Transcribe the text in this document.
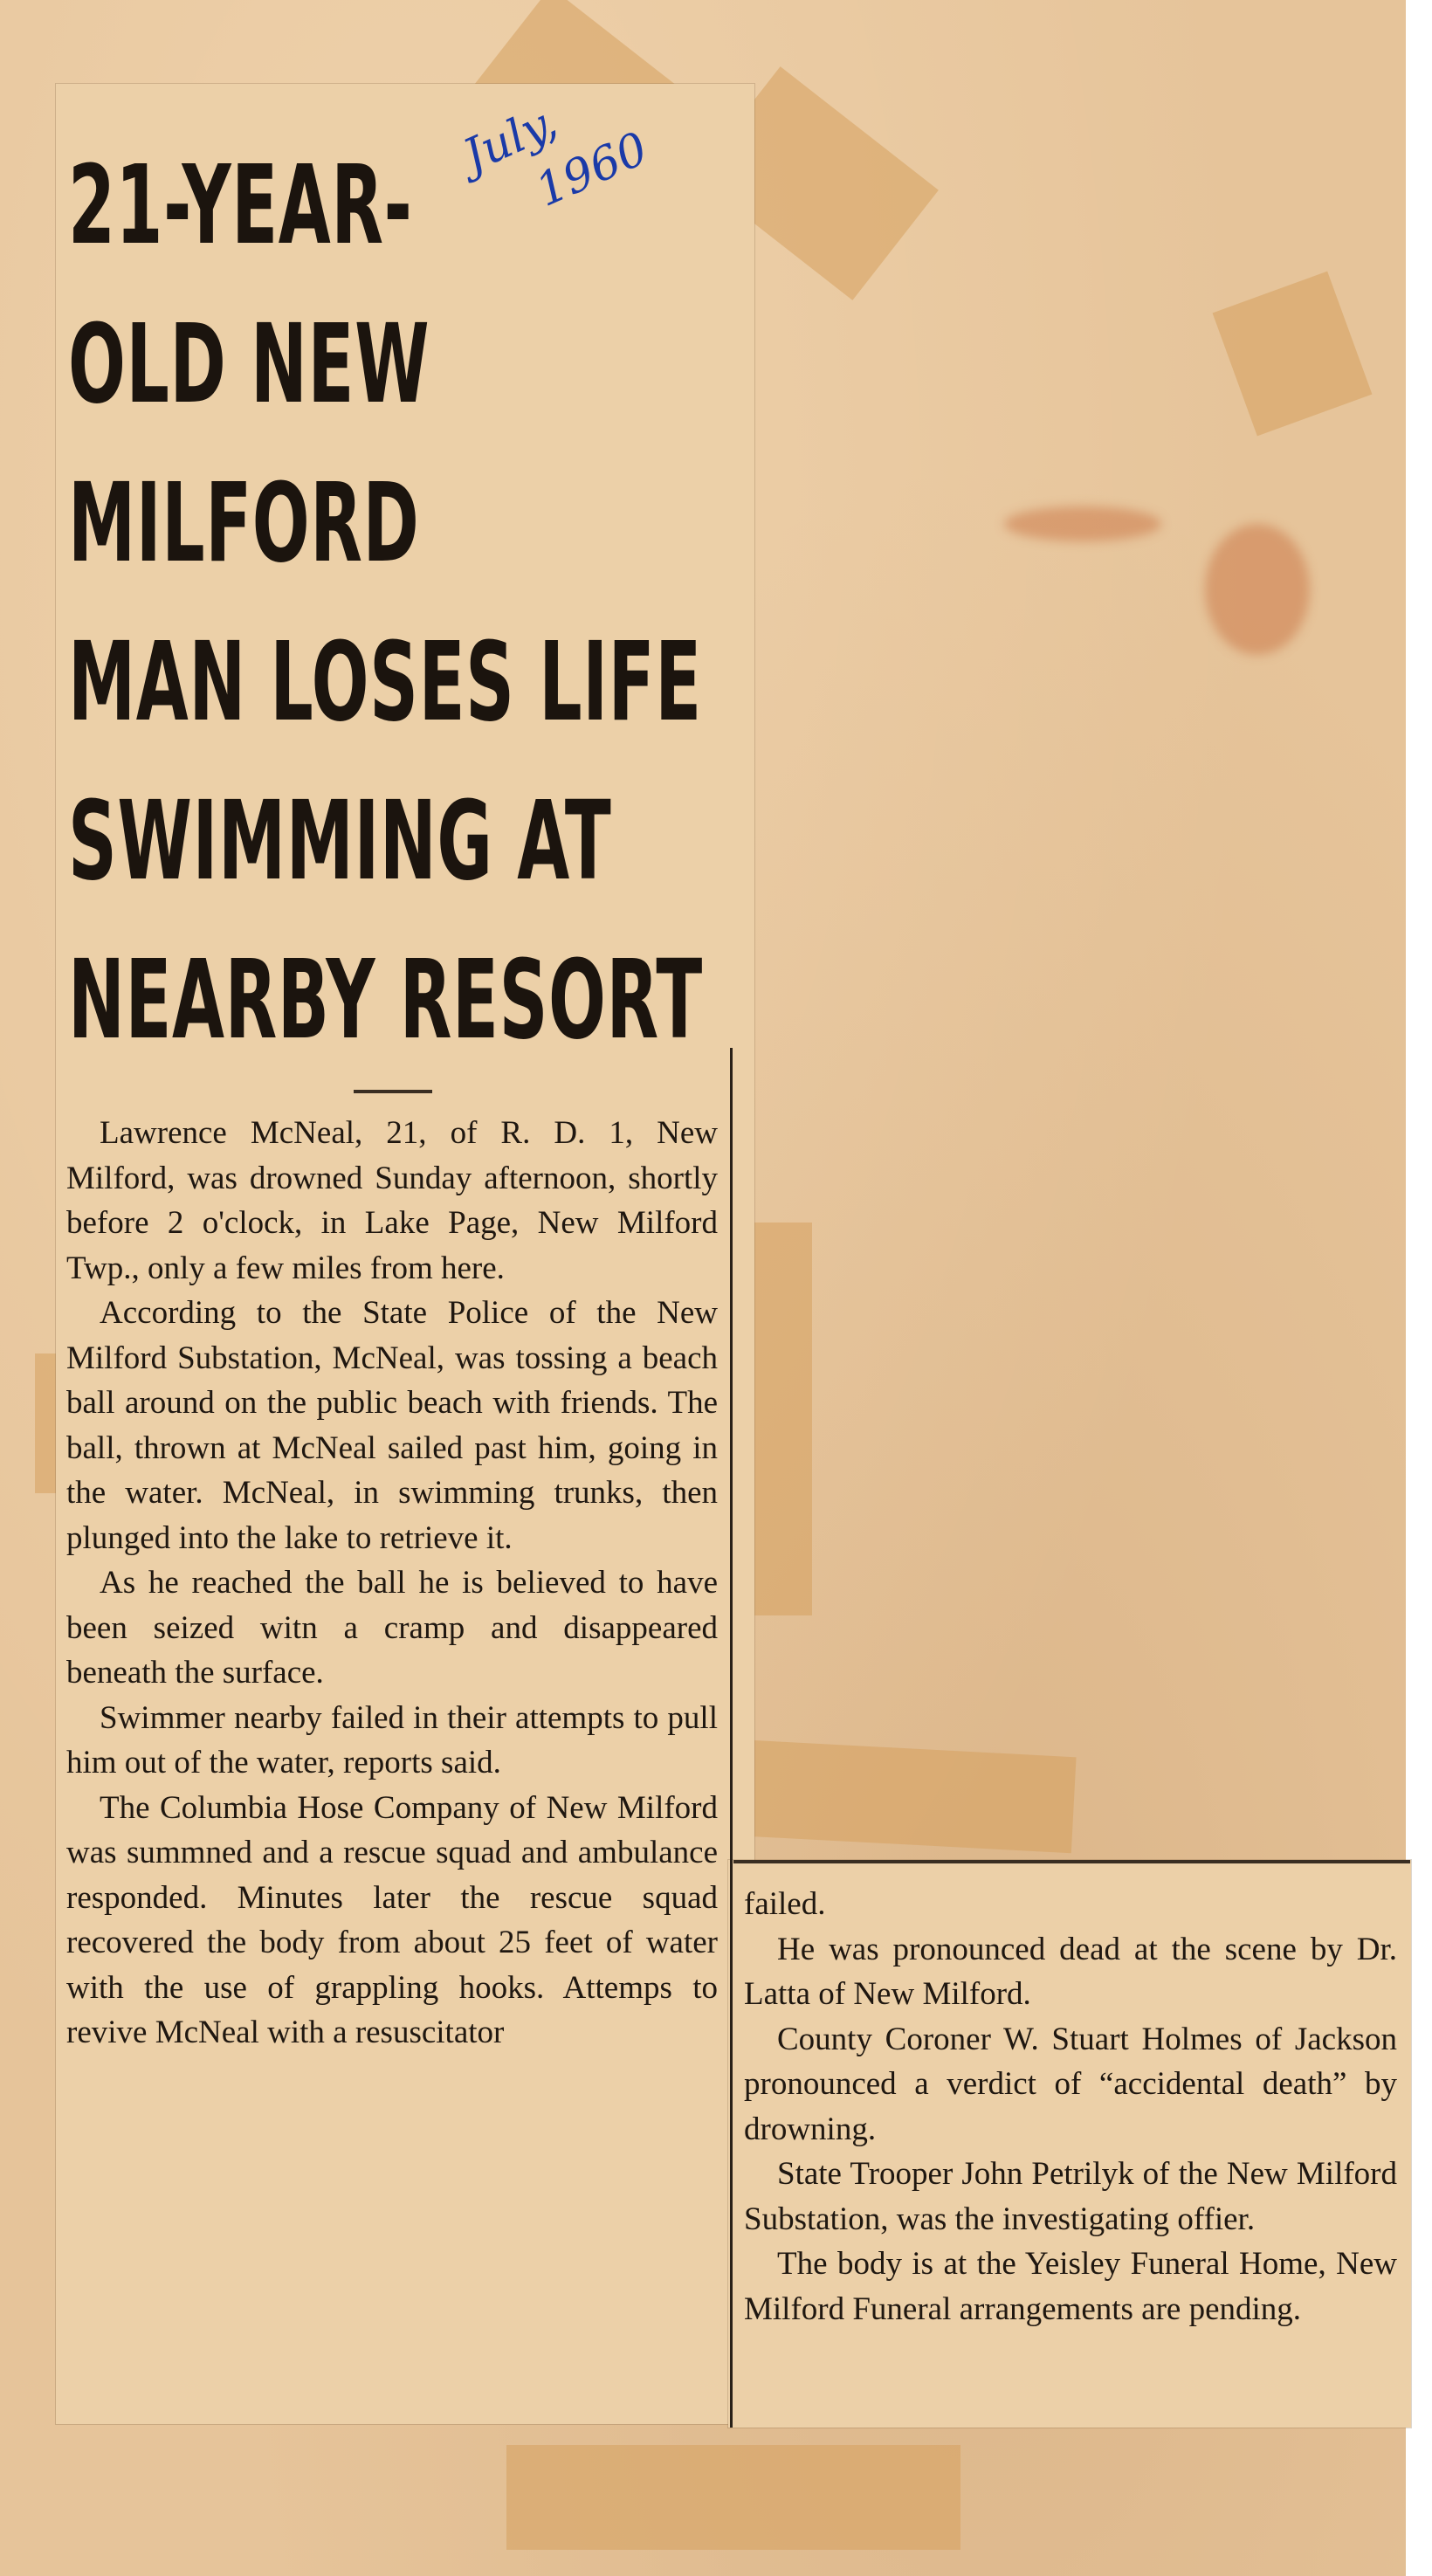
21-YEAR-
OLD NEW
MILFORD
MAN LOSES LIFE
SWIMMING AT
NEARBY RESORT
July,
1960

Lawrence McNeal, 21, of R. D. 1, New Milford, was drowned Sunday afternoon, shortly before 2 o'clock, in Lake Page, New Milford Twp., only a few miles from here.

According to the State Police of the New Milford Substation, McNeal, was tossing a beach ball around on the public beach with friends. The ball, thrown at McNeal sailed past him, going in the water. McNeal, in swimming trunks, then plunged into the lake to retrieve it.

As he reached the ball he is believed to have been seized witn a cramp and disappeared beneath the surface.

Swimmer nearby failed in their attempts to pull him out of the water, reports said.

The Columbia Hose Company of New Milford was summned and a rescue squad and ambulance responded. Minutes later the rescue squad recovered the body from about 25 feet of water with the use of grappling hooks. Attemps to revive McNeal with a resuscitator

failed.

He was pronounced dead at the scene by Dr. Latta of New Milford.

County Coroner W. Stuart Holmes of Jackson pronounced a verdict of “accidental death” by drowning.

State Trooper John Petrilyk of the New Milford Substation, was the investigating offier.

The body is at the Yeisley Funeral Home, New Milford Funeral arrangements are pending.
